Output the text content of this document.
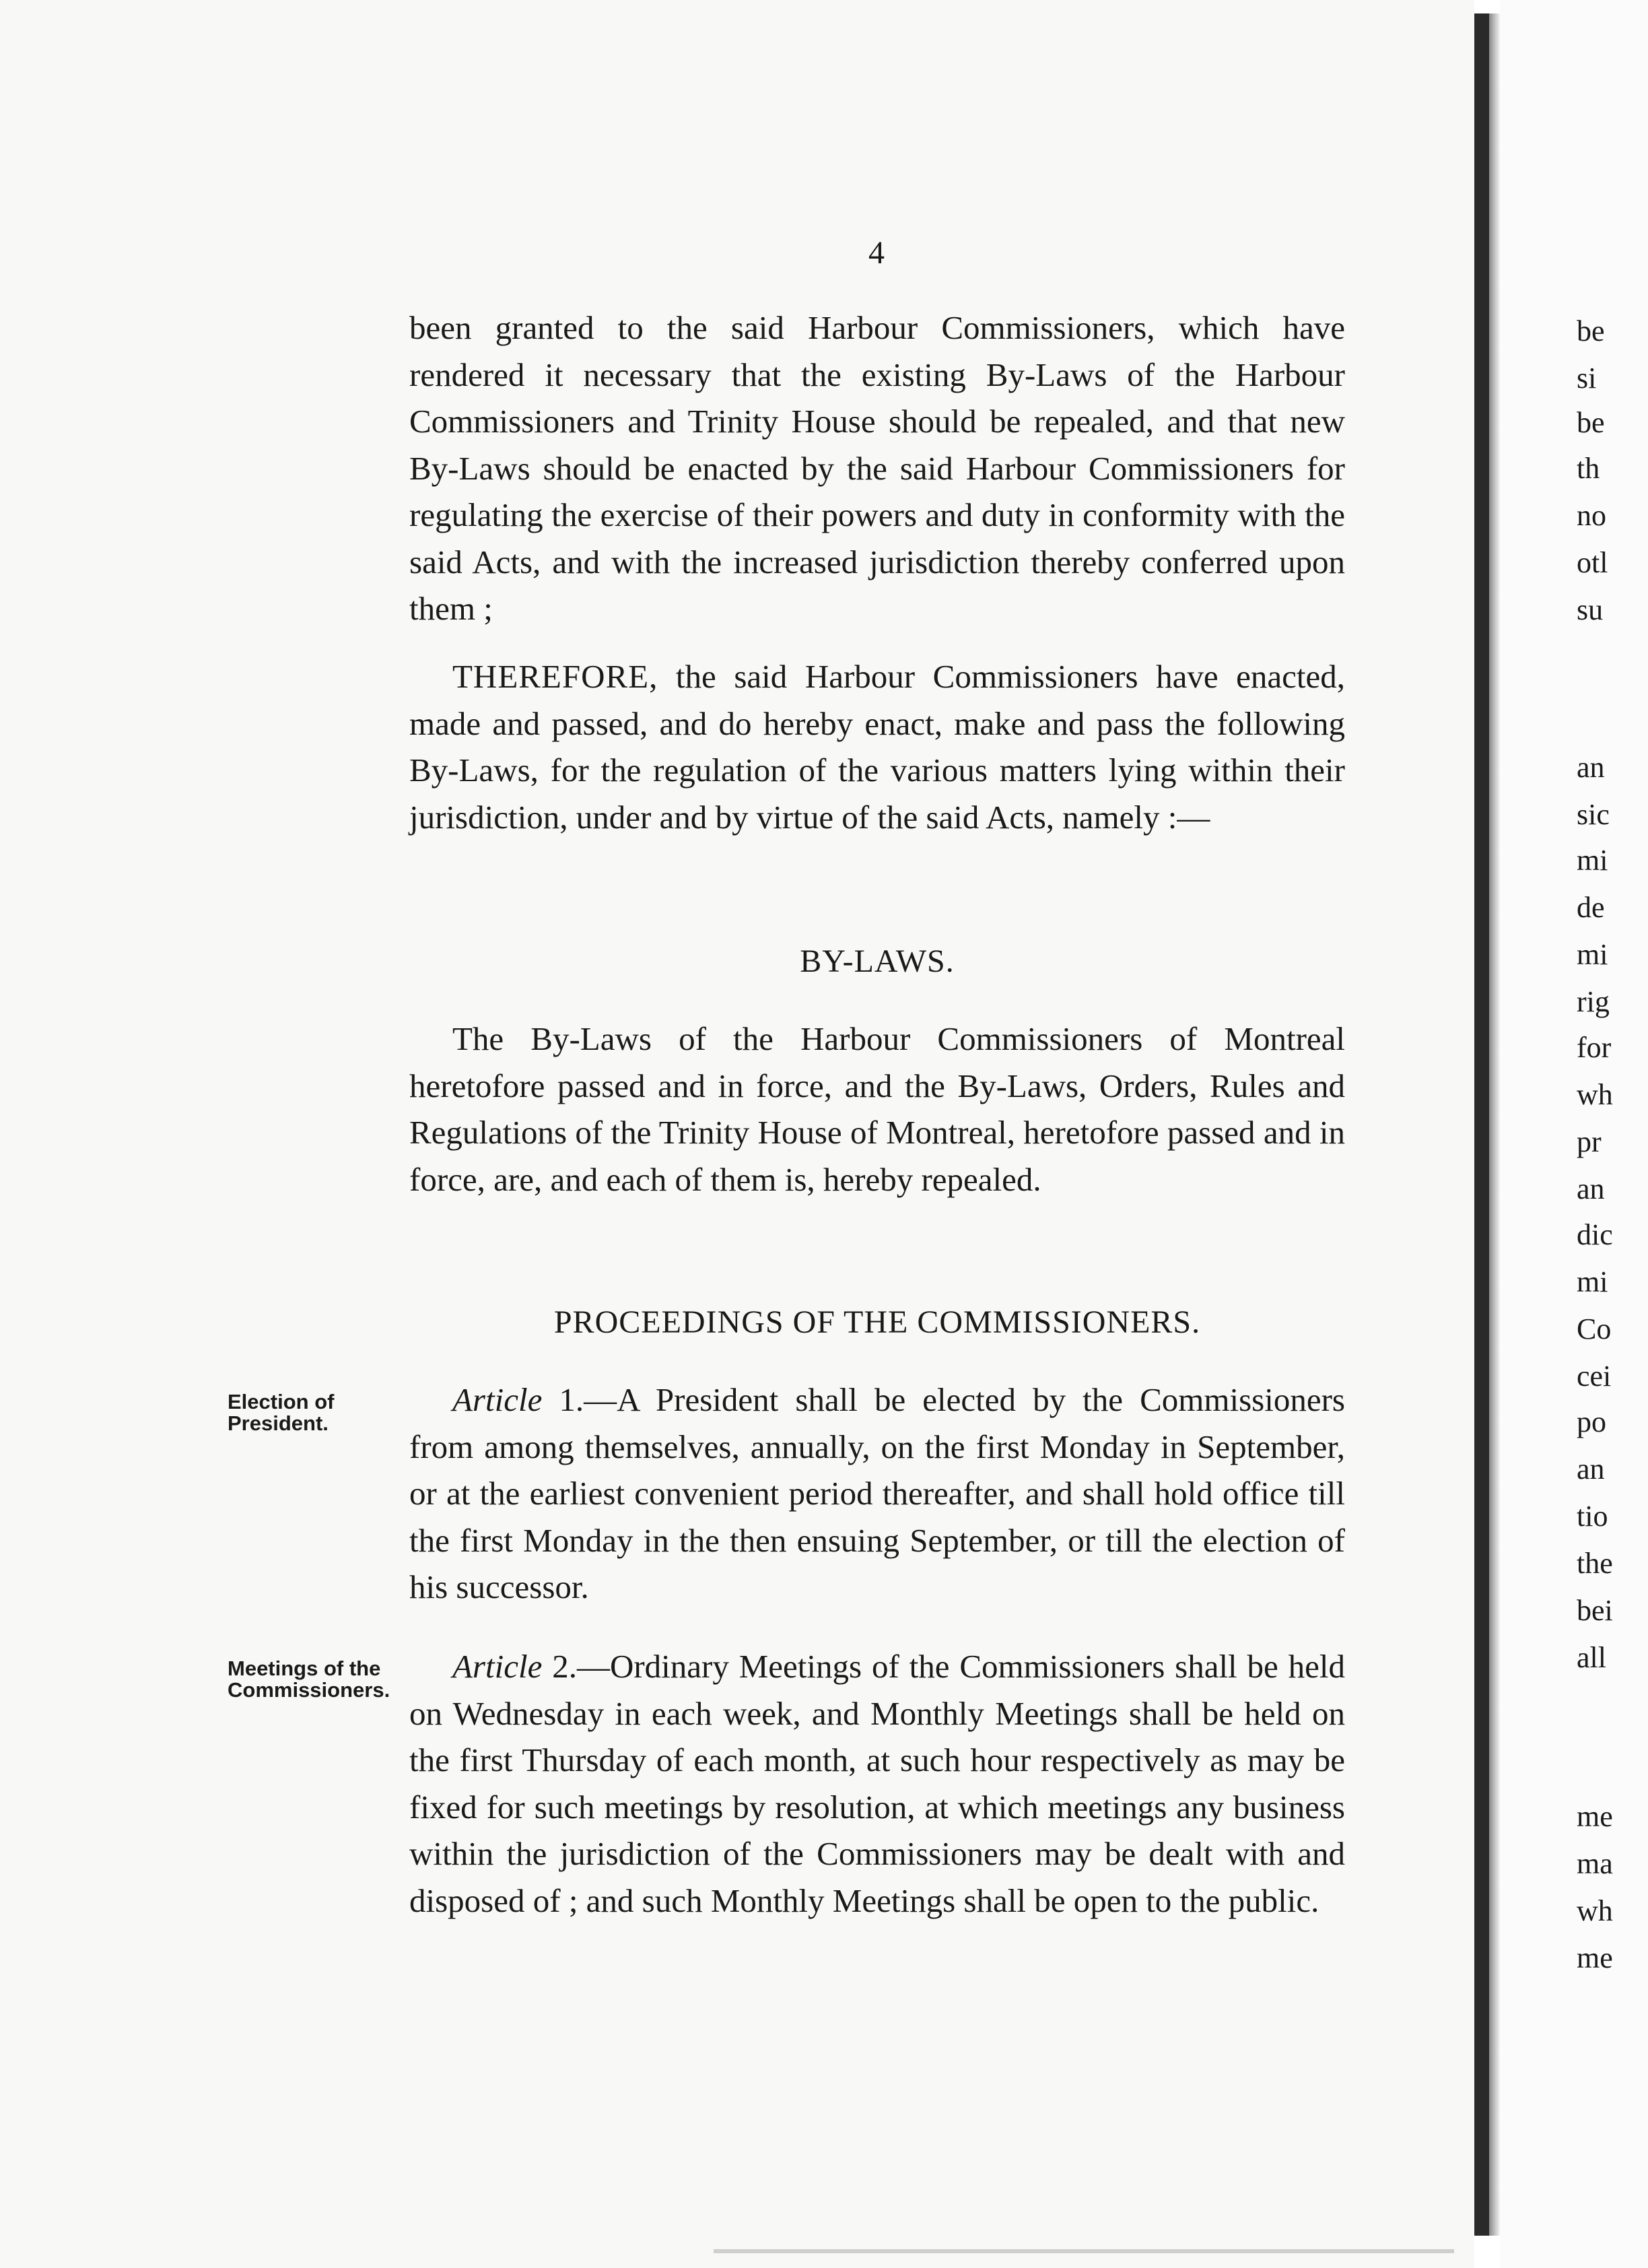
4

been granted to the said Harbour Commissioners, which have rendered it necessary that the existing By-Laws of the Harbour Commissioners and Trinity House should be repealed, and that new By-Laws should be enacted by the said Harbour Commissioners for regulating the exercise of their powers and duty in conformity with the said Acts, and with the increased jurisdiction thereby conferred upon them ;

THEREFORE, the said Harbour Commissioners have enacted, made and passed, and do hereby enact, make and pass the following By-Laws, for the regulation of the various matters lying within their jurisdiction, under and by virtue of the said Acts, namely :—

BY-LAWS.

The By-Laws of the Harbour Commissioners of Montreal heretofore passed and in force, and the By-Laws, Orders, Rules and Regulations of the Trinity House of Montreal, heretofore passed and in force, are, and each of them is, hereby repealed.

PROCEEDINGS OF THE COMMISSIONERS.
Election of President.

Article 1.—A President shall be elected by the Commissioners from among themselves, annually, on the first Monday in September, or at the earliest convenient period thereafter, and shall hold office till the first Monday in the then ensuing September, or till the election of his successor.

Meetings of the Commissioners.

Article 2.—Ordinary Meetings of the Commissioners shall be held on Wednesday in each week, and Monthly Meetings shall be held on the first Thursday of each month, at such hour respectively as may be fixed for such meetings by resolution, at which meetings any business within the jurisdiction of the Commissioners may be dealt with and disposed of ; and such Monthly Meetings shall be open to the public.

be
si
be
th
no
otl
su
an
sic
mi
de
mi
rig
for
wh
pr
an
dic
mi
Co
cei
po
an
tio
the
bei
all
me
ma
wh
me
